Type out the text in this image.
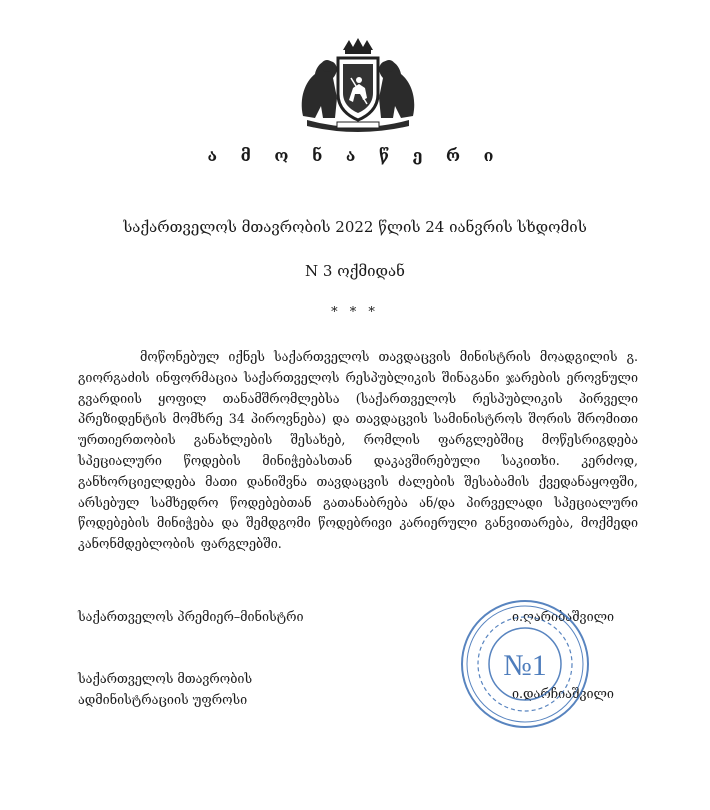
ა მ ო ნ ა წ ე რ ი
საქართველოს მთავრობის 2022 წლის 24 იანვრის სხდომის
N 3 ოქმიდან
* * *
მოწონებულ იქნეს საქართველოს თავდაცვის მინისტრის მოადგილის გ. გიორგაძის ინფორმაცია საქართველოს რესპუბლიკის შინაგანი ჯარების ეროვნული გვარდიის ყოფილ თანამშრომლებსა (საქართველოს რესპუბლიკის პირველი პრეზიდენტის მომხრე 34 პიროვნება) და თავდაცვის სამინისტროს შორის შრომითი ურთიერთობის განახლების შესახებ, რომლის ფარგლებშიც მოწესრიგდება სპეციალური წოდების მინიჭებასთან დაკავშირებული საკითხი. კერძოდ, განხორციელდება მათი დანიშვნა თავდაცვის ძალების შესაბამის ქვედანაყოფში, არსებულ სამხედრო წოდებებთან გათანაბრება ან/და პირველადი სპეციალური წოდებების მინიჭება და შემდგომი წოდებრივი კარიერული განვითარება, მოქმედი კანონმდებლობის ფარგლებში.
საქართველოს პრემიერ–მინისტრი	ი.ღარიბაშვილი
საქართველოს მთავრობის
ადმინისტრაციის უფროსი	ი.დარჩიაშვილი
№1
